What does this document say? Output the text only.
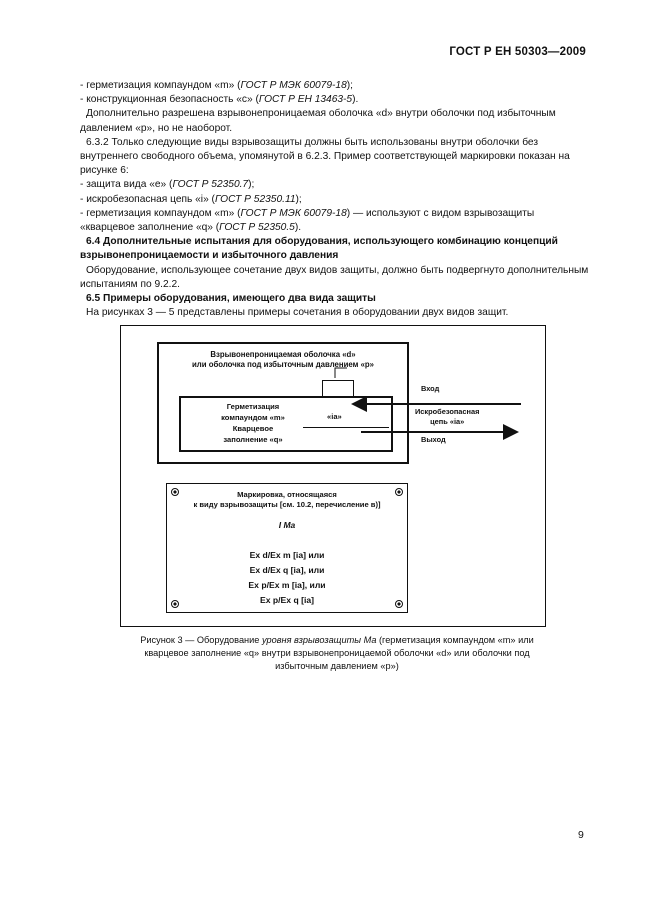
ГОСТ Р ЕН 50303—2009

- герметизация компаундом «m» (ГОСТ Р МЭК 60079-18);

- конструкционная безопасность «с» (ГОСТ Р ЕН 13463-5).

Дополнительно разрешена взрывонепроницаемая оболочка «d» внутри оболочки под избыточным давлением «р», но не наоборот.

6.3.2 Только следующие виды взрывозащиты должны быть использованы внутри оболочки без внутреннего свободного объема, упомянутой в 6.2.3. Пример соответствующей маркировки показан на рисунке 6:

- защита вида «е» (ГОСТ Р 52350.7);

- искробезопасная цепь «i» (ГОСТ Р 52350.11);

- герметизация компаундом «m» (ГОСТ Р МЭК 60079-18) — используют с видом взрывозащиты «кварцевое заполнение «q» (ГОСТ Р 52350.5).

6.4 Дополнительные испытания для оборудования, использующего комбинацию концепций взрывонепроницаемости и избыточного давления

Оборудование, использующее сочетание двух видов защиты, должно быть подвергнуто дополнительным испытаниям по 9.2.2.

6.5 Примеры оборудования, имеющего два вида защиты

На рисунках 3 — 5 представлены примеры сочетания в оборудовании двух видов защит.

Взрывонепроницаемая оболочка «d»
или оболочка под избыточным давлением «p»
Герметизация
компаундом «m»
Кварцевое
заполнение «q»
«ia»
Вход
Искробезопасная
цепь «ia»
Выход
Маркировка, относящаяся
к виду взрывозащиты [см. 10.2, перечисление в)]
I Ma
Ex d/Ex m [ia] или
Ex d/Ex q [ia], или
Ex p/Ex m [ia], или
Ex p/Ex q [ia]
Рисунок 3 — Оборудование уровня взрывозащиты Ма (герметизация компаундом «m» или кварцевое заполнение «q» внутри взрывонепроницаемой оболочки «d» или оболочки под избыточным давлением «p»)
9
